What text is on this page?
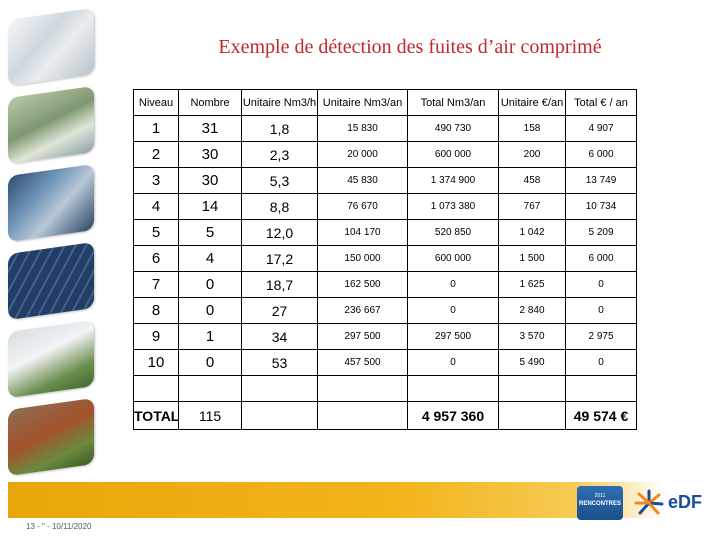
Exemple de détection des fuites d’air comprimé
Niveau	Nombre	Unitaire Nm3/h	Unitaire Nm3/an	Total Nm3/an	Unitaire €/an	Total € / an
1	31	1,8	15 830	490 730	158	4 907
2	30	2,3	20 000	600 000	200	6 000
3	30	5,3	45 830	1 374 900	458	13 749
4	14	8,8	76 670	1 073 380	767	10 734
5	5	12,0	104 170	520 850	1 042	5 209
6	4	17,2	150 000	600 000	1 500	6 000
7	0	18,7	162 500	0	1 625	0
8	0	27	236 667	0	2 840	0
9	1	34	297 500	297 500	3 570	2 975
10	0	53	457 500	0	5 490	0

TOTAL	115			4 957 360		49 574 €
13 - " - 10/11/2020
2011
RENCONTRES	eDF
